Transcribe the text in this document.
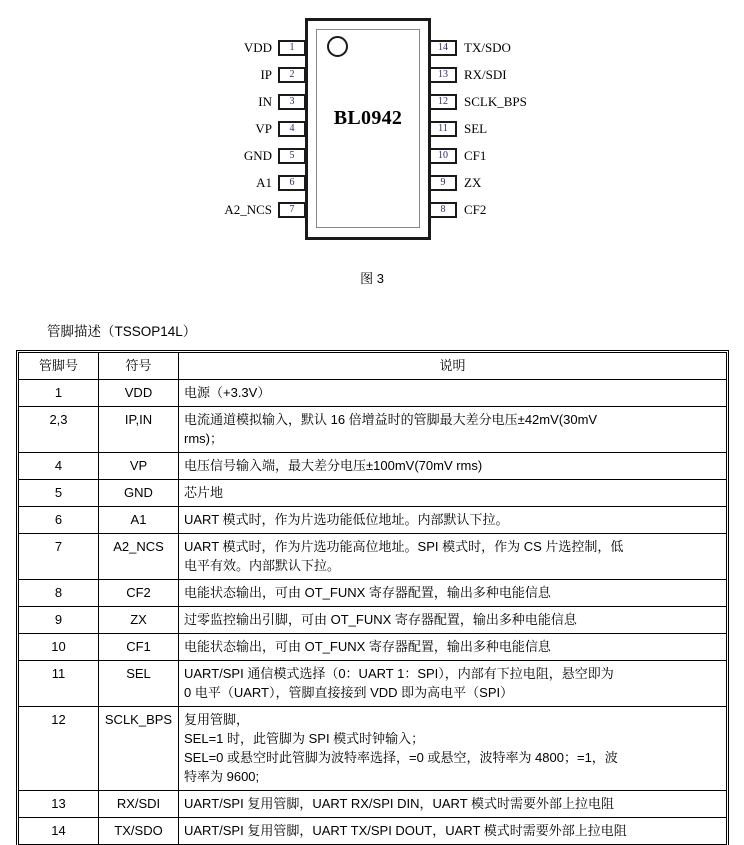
BL0942
VDD	1
IP	2
IN	3
VP	4
GND	5
A1	6
A2_NCS	7
14	TX/SDO
13	RX/SDI
12	SCLK_BPS
11	SEL
10	CF1
9	ZX
8	CF2
图 3
管脚描述（TSSOP14L）
管脚号	符号	说明
1	VDD	电源（+3.3V）

2,3	IP,IN	电流通道模拟输入，默认 16 倍增益时的管脚最大差分电压±42mV(30mV
rms)；

4	VP	电压信号输入端，最大差分电压±100mV(70mV rms)

5	GND	芯片地

6	A1	UART 模式时，作为片选功能低位地址。内部默认下拉。

7	A2_NCS	UART 模式时，作为片选功能高位地址。SPI 模式时，作为 CS 片选控制，低
电平有效。内部默认下拉。

8	CF2	电能状态输出，可由 OT_FUNX 寄存器配置，输出多种电能信息

9	ZX	过零监控输出引脚，可由 OT_FUNX 寄存器配置，输出多种电能信息

10	CF1	电能状态输出，可由 OT_FUNX 寄存器配置，输出多种电能信息

11	SEL	UART/SPI 通信模式选择（0：UART 1：SPI），内部有下拉电阻，悬空即为
0 电平（UART），管脚直接接到 VDD 即为高电平（SPI）

12	SCLK_BPS	复用管脚，
SEL=1 时，此管脚为 SPI 模式时钟输入；
SEL=0 或悬空时此管脚为波特率选择，=0 或悬空，波特率为 4800；=1，波
特率为 9600;

13	RX/SDI	UART/SPI 复用管脚，UART RX/SPI DIN，UART 模式时需要外部上拉电阻

14	TX/SDO	UART/SPI 复用管脚，UART TX/SPI DOUT，UART 模式时需要外部上拉电阻
